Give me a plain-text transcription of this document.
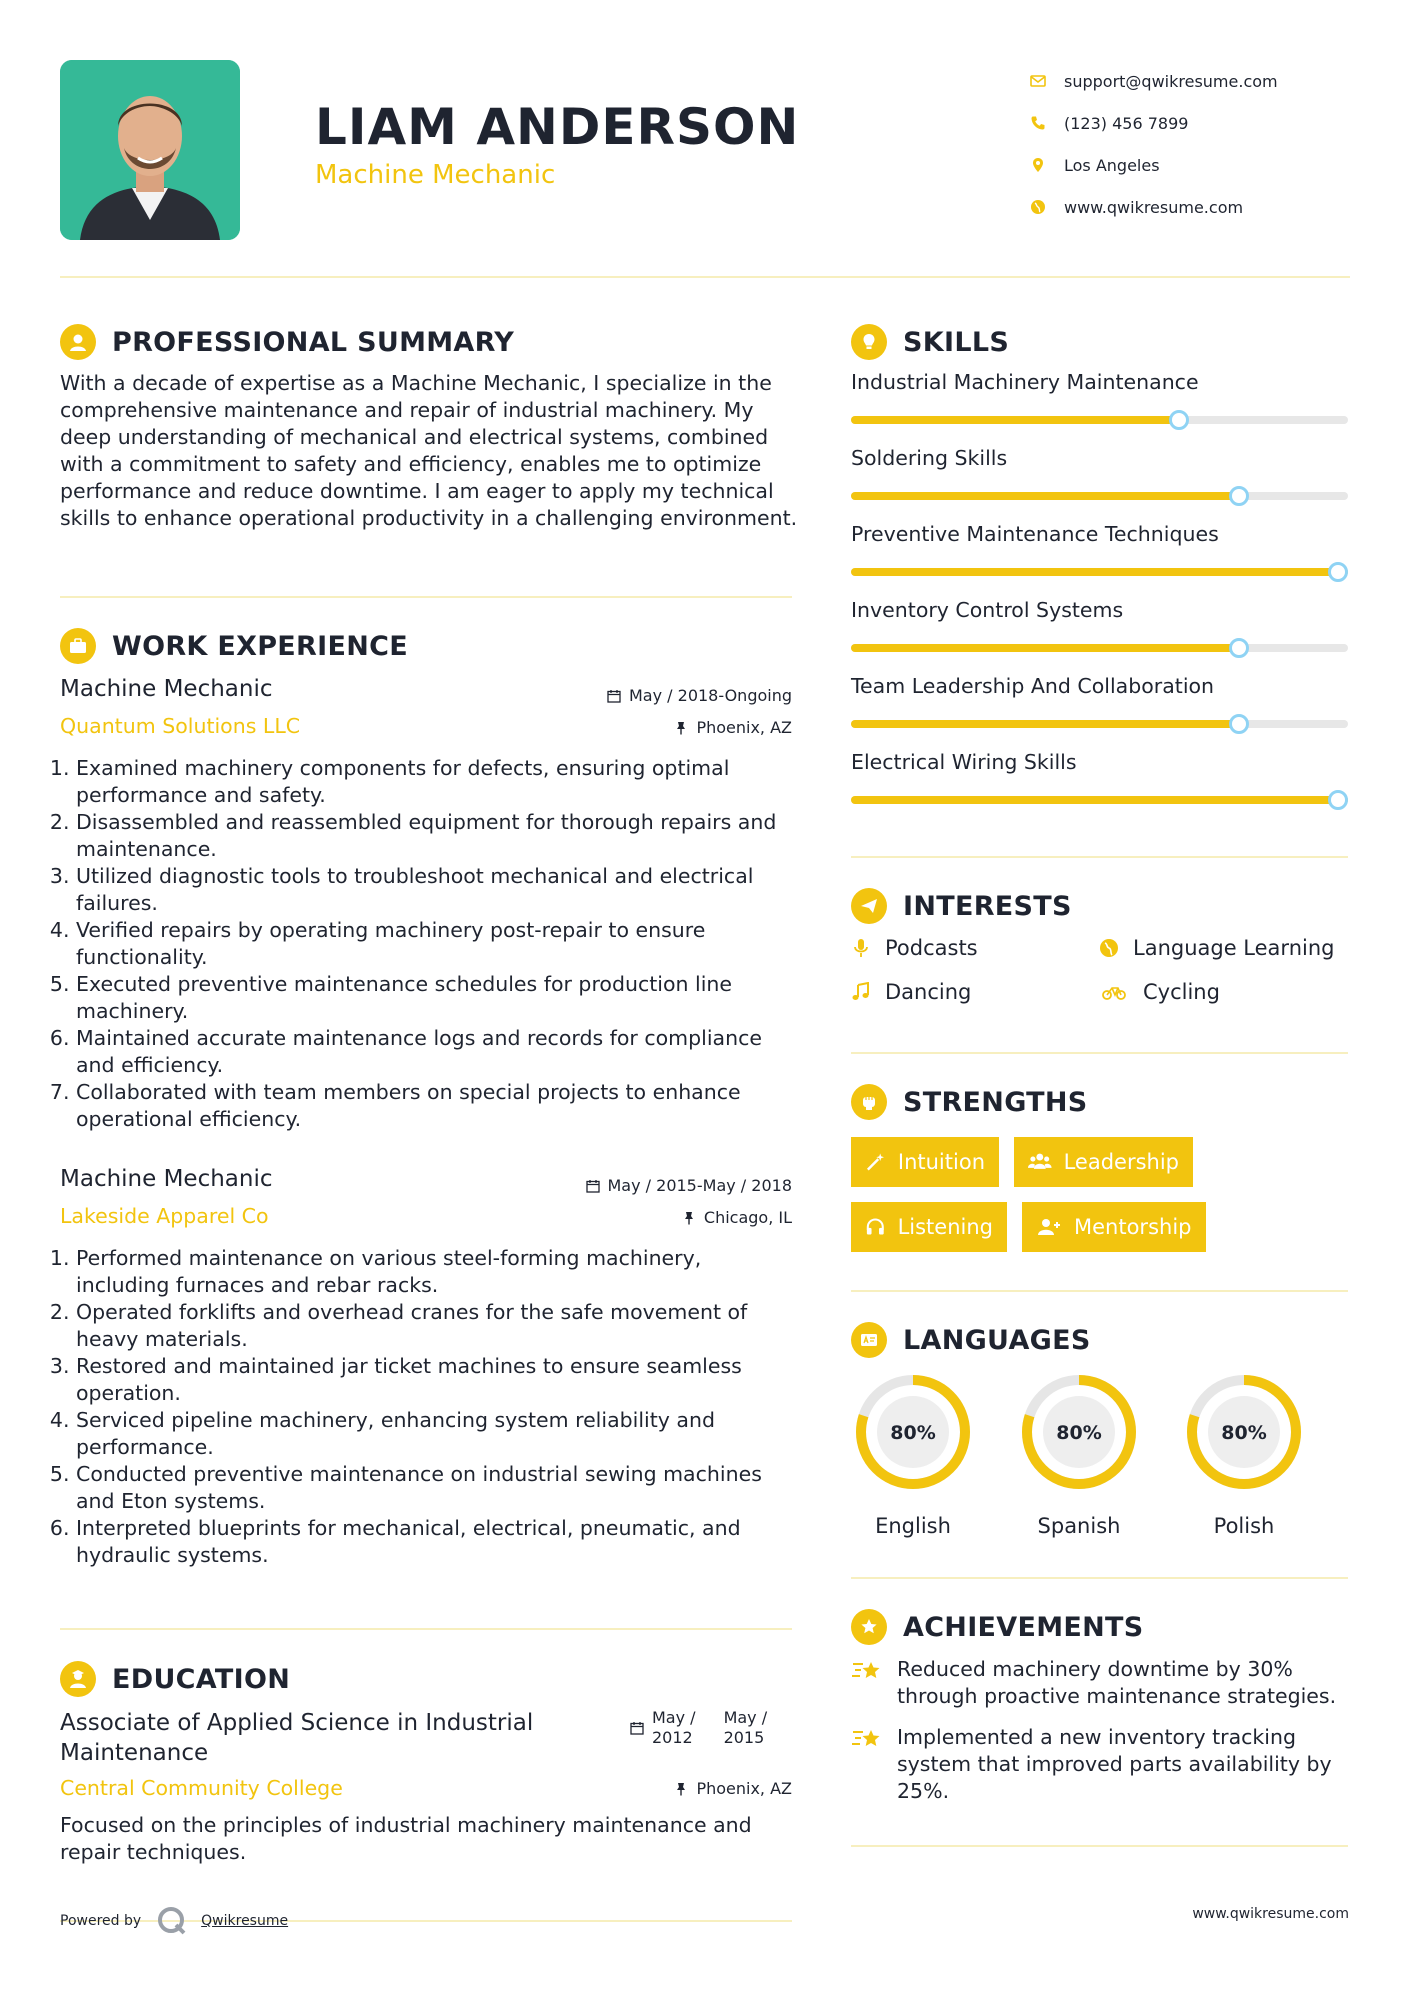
LIAM ANDERSON
Machine Mechanic
support@qwikresume.com
(123) 456 7899
Los Angeles
www.qwikresume.com
PROFESSIONAL SUMMARY
With a decade of expertise as a Machine Mechanic, I specialize in the comprehensive maintenance and repair of industrial machinery. My deep understanding of mechanical and electrical systems, combined with a commitment to safety and efficiency, enables me to optimize performance and reduce downtime. I am eager to apply my technical skills to enhance operational productivity in a challenging environment.
WORK EXPERIENCE
Machine Mechanic	May / 2018-Ongoing
Quantum Solutions LLC	Phoenix, AZ
1. Examined machinery components for defects, ensuring optimal performance and safety.
2. Disassembled and reassembled equipment for thorough repairs and maintenance.
3. Utilized diagnostic tools to troubleshoot mechanical and electrical failures.
4. Verified repairs by operating machinery post-repair to ensure functionality.
5. Executed preventive maintenance schedules for production line machinery.
6. Maintained accurate maintenance logs and records for compliance and efficiency.
7. Collaborated with team members on special projects to enhance operational efficiency.
Machine Mechanic	May / 2015-May / 2018
Lakeside Apparel Co	Chicago, IL
1. Performed maintenance on various steel-forming machinery, including furnaces and rebar racks.
2. Operated forklifts and overhead cranes for the safe movement of heavy materials.
3. Restored and maintained jar ticket machines to ensure seamless operation.
4. Serviced pipeline machinery, enhancing system reliability and performance.
5. Conducted preventive maintenance on industrial sewing machines and Eton systems.
6. Interpreted blueprints for mechanical, electrical, pneumatic, and hydraulic systems.
EDUCATION
Associate of Applied Science in Industrial Maintenance
May /
2012
May /
2015
Central Community College	Phoenix, AZ
Focused on the principles of industrial machinery maintenance and repair techniques.
SKILLS
Industrial Machinery Maintenance
Soldering Skills
Preventive Maintenance Techniques
Inventory Control Systems
Team Leadership And Collaboration
Electrical Wiring Skills
INTERESTS
Podcasts	Language Learning
Dancing	Cycling
STRENGTHS
Intuition	Leadership
Listening	Mentorship
LANGUAGES
80%
English
80%
Spanish
80%
Polish
ACHIEVEMENTS
Reduced machinery downtime by 30% through proactive maintenance strategies.
Implemented a new inventory tracking system that improved parts availability by 25%.
Powered by	Qwikresume	www.qwikresume.com
